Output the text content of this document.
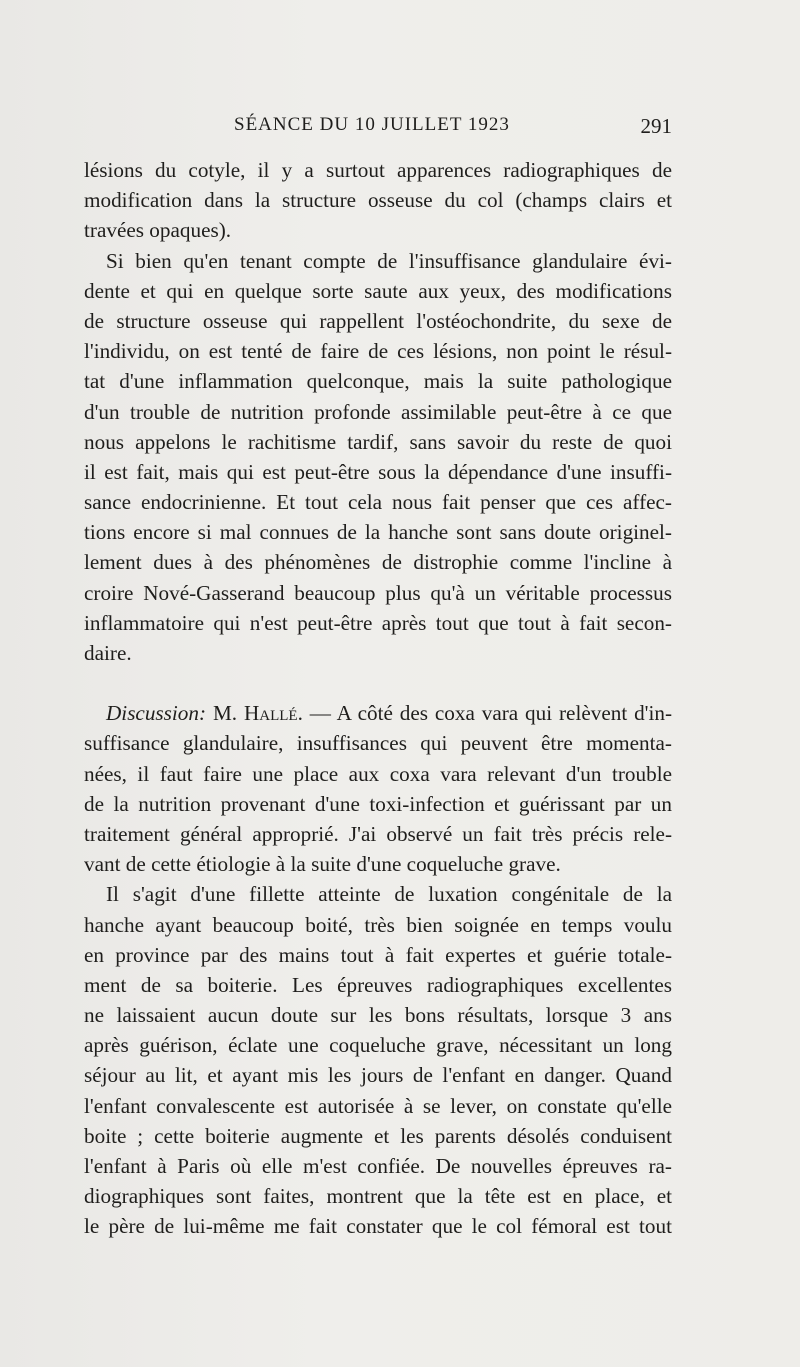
SÉANCE DU 10 JUILLET 1923	291
lésions du cotyle, il y a surtout apparences radiographiques de
modification dans la structure osseuse du col (champs clairs et
travées opaques).
Si bien qu'en tenant compte de l'insuffisance glandulaire évi-
dente et qui en quelque sorte saute aux yeux, des modifications
de structure osseuse qui rappellent l'ostéochondrite, du sexe de
l'individu, on est tenté de faire de ces lésions, non point le résul-
tat d'une inflammation quelconque, mais la suite pathologique
d'un trouble de nutrition profonde assimilable peut-être à ce que
nous appelons le rachitisme tardif, sans savoir du reste de quoi
il est fait, mais qui est peut-être sous la dépendance d'une insuffi-
sance endocrinienne. Et tout cela nous fait penser que ces affec-
tions encore si mal connues de la hanche sont sans doute originel-
lement dues à des phénomènes de distrophie comme l'incline à
croire Nové-Gasserand beaucoup plus qu'à un véritable processus
inflammatoire qui n'est peut-être après tout que tout à fait secon-
daire.
Discussion: M. Hallé. — A côté des coxa vara qui relèvent d'in-
suffisance glandulaire, insuffisances qui peuvent être momenta-
nées, il faut faire une place aux coxa vara relevant d'un trouble
de la nutrition provenant d'une toxi-infection et guérissant par un
traitement général approprié. J'ai observé un fait très précis rele-
vant de cette étiologie à la suite d'une coqueluche grave.
Il s'agit d'une fillette atteinte de luxation congénitale de la
hanche ayant beaucoup boité, très bien soignée en temps voulu
en province par des mains tout à fait expertes et guérie totale-
ment de sa boiterie. Les épreuves radiographiques excellentes
ne laissaient aucun doute sur les bons résultats, lorsque 3 ans
après guérison, éclate une coqueluche grave, nécessitant un long
séjour au lit, et ayant mis les jours de l'enfant en danger. Quand
l'enfant convalescente est autorisée à se lever, on constate qu'elle
boite ; cette boiterie augmente et les parents désolés conduisent
l'enfant à Paris où elle m'est confiée. De nouvelles épreuves ra-
diographiques sont faites, montrent que la tête est en place, et
le père de lui-même me fait constater que le col fémoral est tout
